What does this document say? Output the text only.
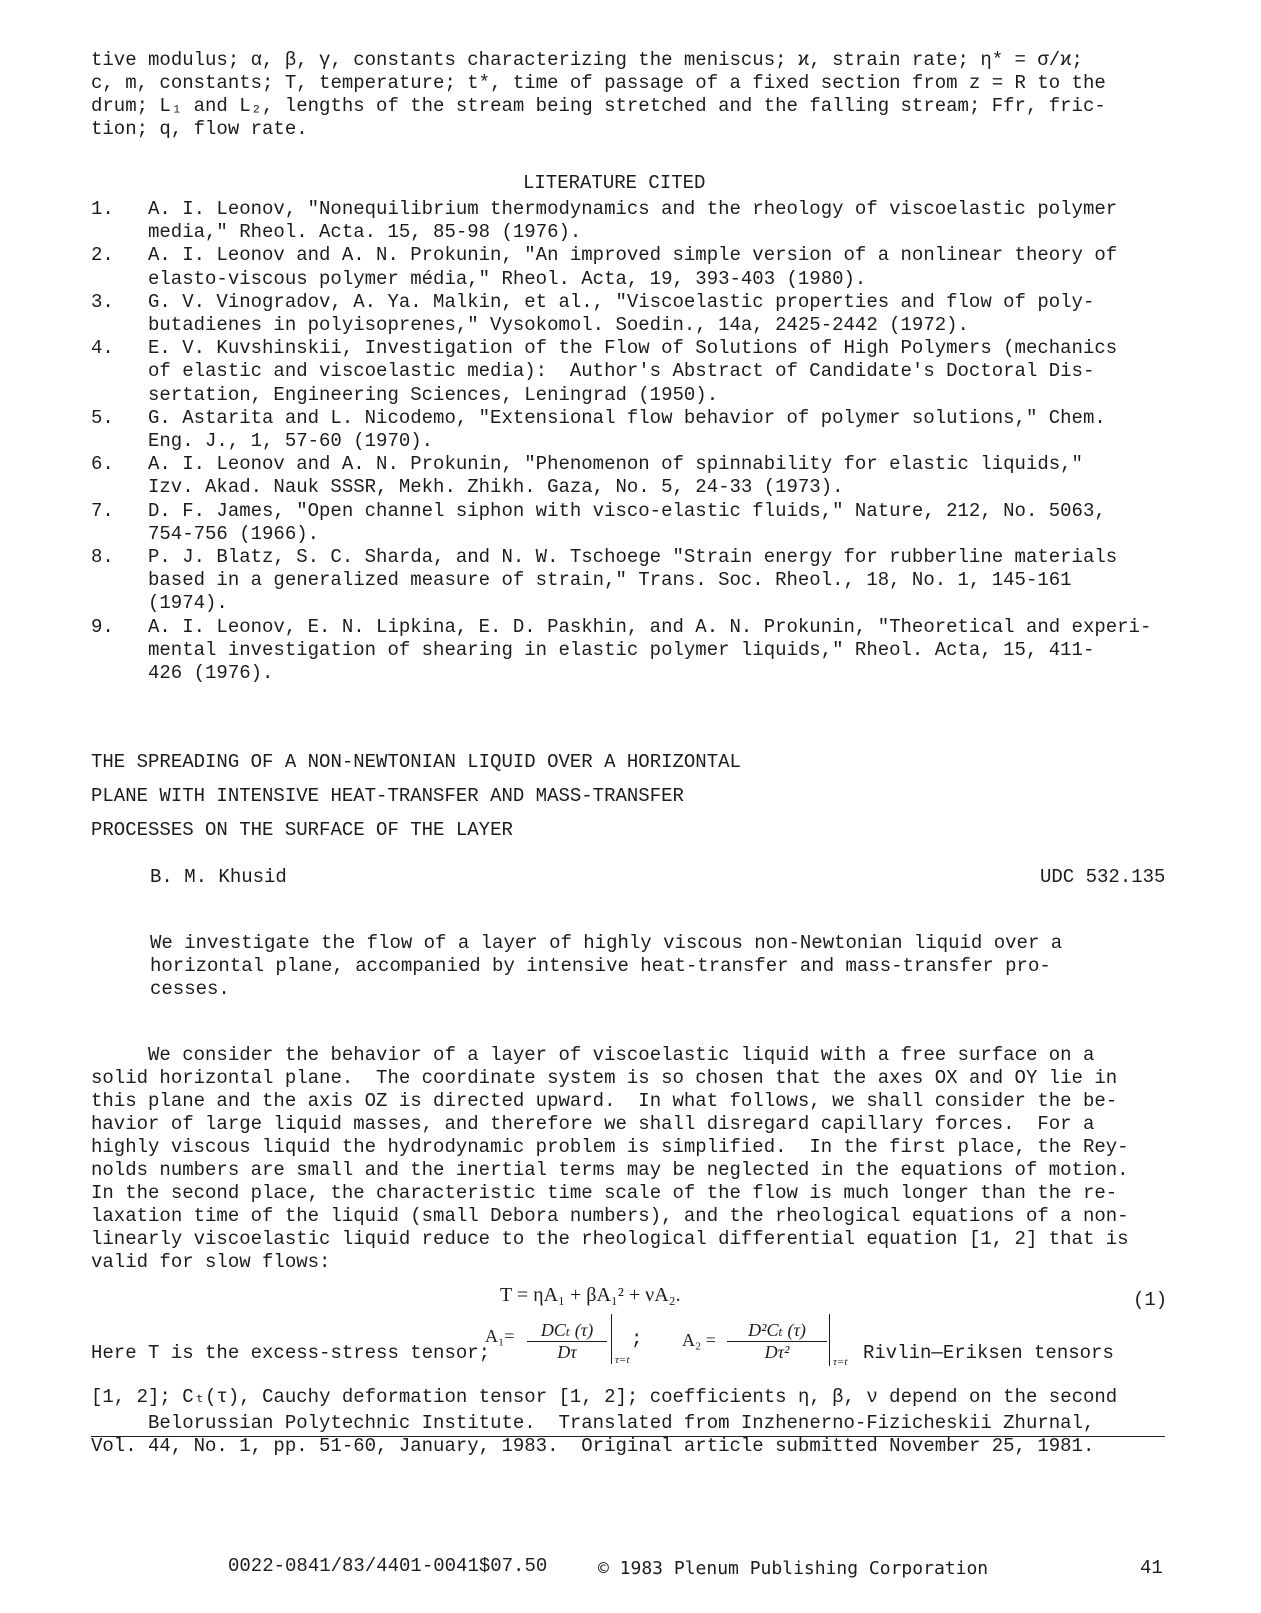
tive modulus; α, β, γ, constants characterizing the meniscus; ϰ, strain rate; η* = σ/ϰ;
c, m, constants; T, temperature; t*, time of passage of a fixed section from z = R to the
drum; L₁ and L₂, lengths of the stream being stretched and the falling stream; Ffr, fric-
tion; q, flow rate.
LITERATURE CITED
1.	A. I. Leonov, "Nonequilibrium thermodynamics and the rheology of viscoelastic polymer
media," Rheol. Acta. 15, 85-98 (1976).
2.	A. I. Leonov and A. N. Prokunin, "An improved simple version of a nonlinear theory of
elasto-viscous polymer média," Rheol. Acta, 19, 393-403 (1980).
3.	G. V. Vinogradov, A. Ya. Malkin, et al., "Viscoelastic properties and flow of poly-
butadienes in polyisoprenes," Vysokomol. Soedin., 14a, 2425-2442 (1972).
4.	E. V. Kuvshinskii, Investigation of the Flow of Solutions of High Polymers (mechanics
of elastic and viscoelastic media):  Author's Abstract of Candidate's Doctoral Dis-
sertation, Engineering Sciences, Leningrad (1950).
5.	G. Astarita and L. Nicodemo, "Extensional flow behavior of polymer solutions," Chem.
Eng. J., 1, 57-60 (1970).
6.	A. I. Leonov and A. N. Prokunin, "Phenomenon of spinnability for elastic liquids,"
Izv. Akad. Nauk SSSR, Mekh. Zhikh. Gaza, No. 5, 24-33 (1973).
7.	D. F. James, "Open channel siphon with visco-elastic fluids," Nature, 212, No. 5063,
754-756 (1966).
8.	P. J. Blatz, S. C. Sharda, and N. W. Tschoege "Strain energy for rubberline materials
based in a generalized measure of strain," Trans. Soc. Rheol., 18, No. 1, 145-161
(1974).
9.	A. I. Leonov, E. N. Lipkina, E. D. Paskhin, and A. N. Prokunin, "Theoretical and experi-
mental investigation of shearing in elastic polymer liquids," Rheol. Acta, 15, 411-
426 (1976).
THE SPREADING OF A NON-NEWTONIAN LIQUID OVER A HORIZONTAL
PLANE WITH INTENSIVE HEAT-TRANSFER AND MASS-TRANSFER
PROCESSES ON THE SURFACE OF THE LAYER
B. M. Khusid	UDC 532.135
We investigate the flow of a layer of highly viscous non-Newtonian liquid over a
horizontal plane, accompanied by intensive heat-transfer and mass-transfer pro-
cesses.
We consider the behavior of a layer of viscoelastic liquid with a free surface on a
solid horizontal plane.  The coordinate system is so chosen that the axes OX and OY lie in
this plane and the axis OZ is directed upward.  In what follows, we shall consider the be-
havior of large liquid masses, and therefore we shall disregard capillary forces.  For a
highly viscous liquid the hydrodynamic problem is simplified.  In the first place, the Rey-
nolds numbers are small and the inertial terms may be neglected in the equations of motion.
In the second place, the characteristic time scale of the flow is much longer than the re-
laxation time of the liquid (small Debora numbers), and the rheological equations of a non-
linearly viscoelastic liquid reduce to the rheological differential equation [1, 2] that is
valid for slow flows:
T = ηA₁ + βA₁² + νA₂.	(1)
Here T is the excess-stress tensor;
A₁=	DCₜ (τ)
Dτ	τ=t
; $A_2 = \frac{\text{D²Cₜ (τ)}}{\text{Dτ²}} \tau=t$ Rivlin—Eriksen tensors
[1, 2]; Cₜ(τ), Cauchy deformation tensor [1, 2]; coefficients η, β, ν depend on the second
Belorussian Polytechnic Institute.  Translated from Inzhenerno-Fizicheskii Zhurnal,
Vol. 44, No. 1, pp. 51-60, January, 1983.  Original article submitted November 25, 1981.
0022-0841/83/4401-0041$07.50	© 1983 Plenum Publishing Corporation	41
